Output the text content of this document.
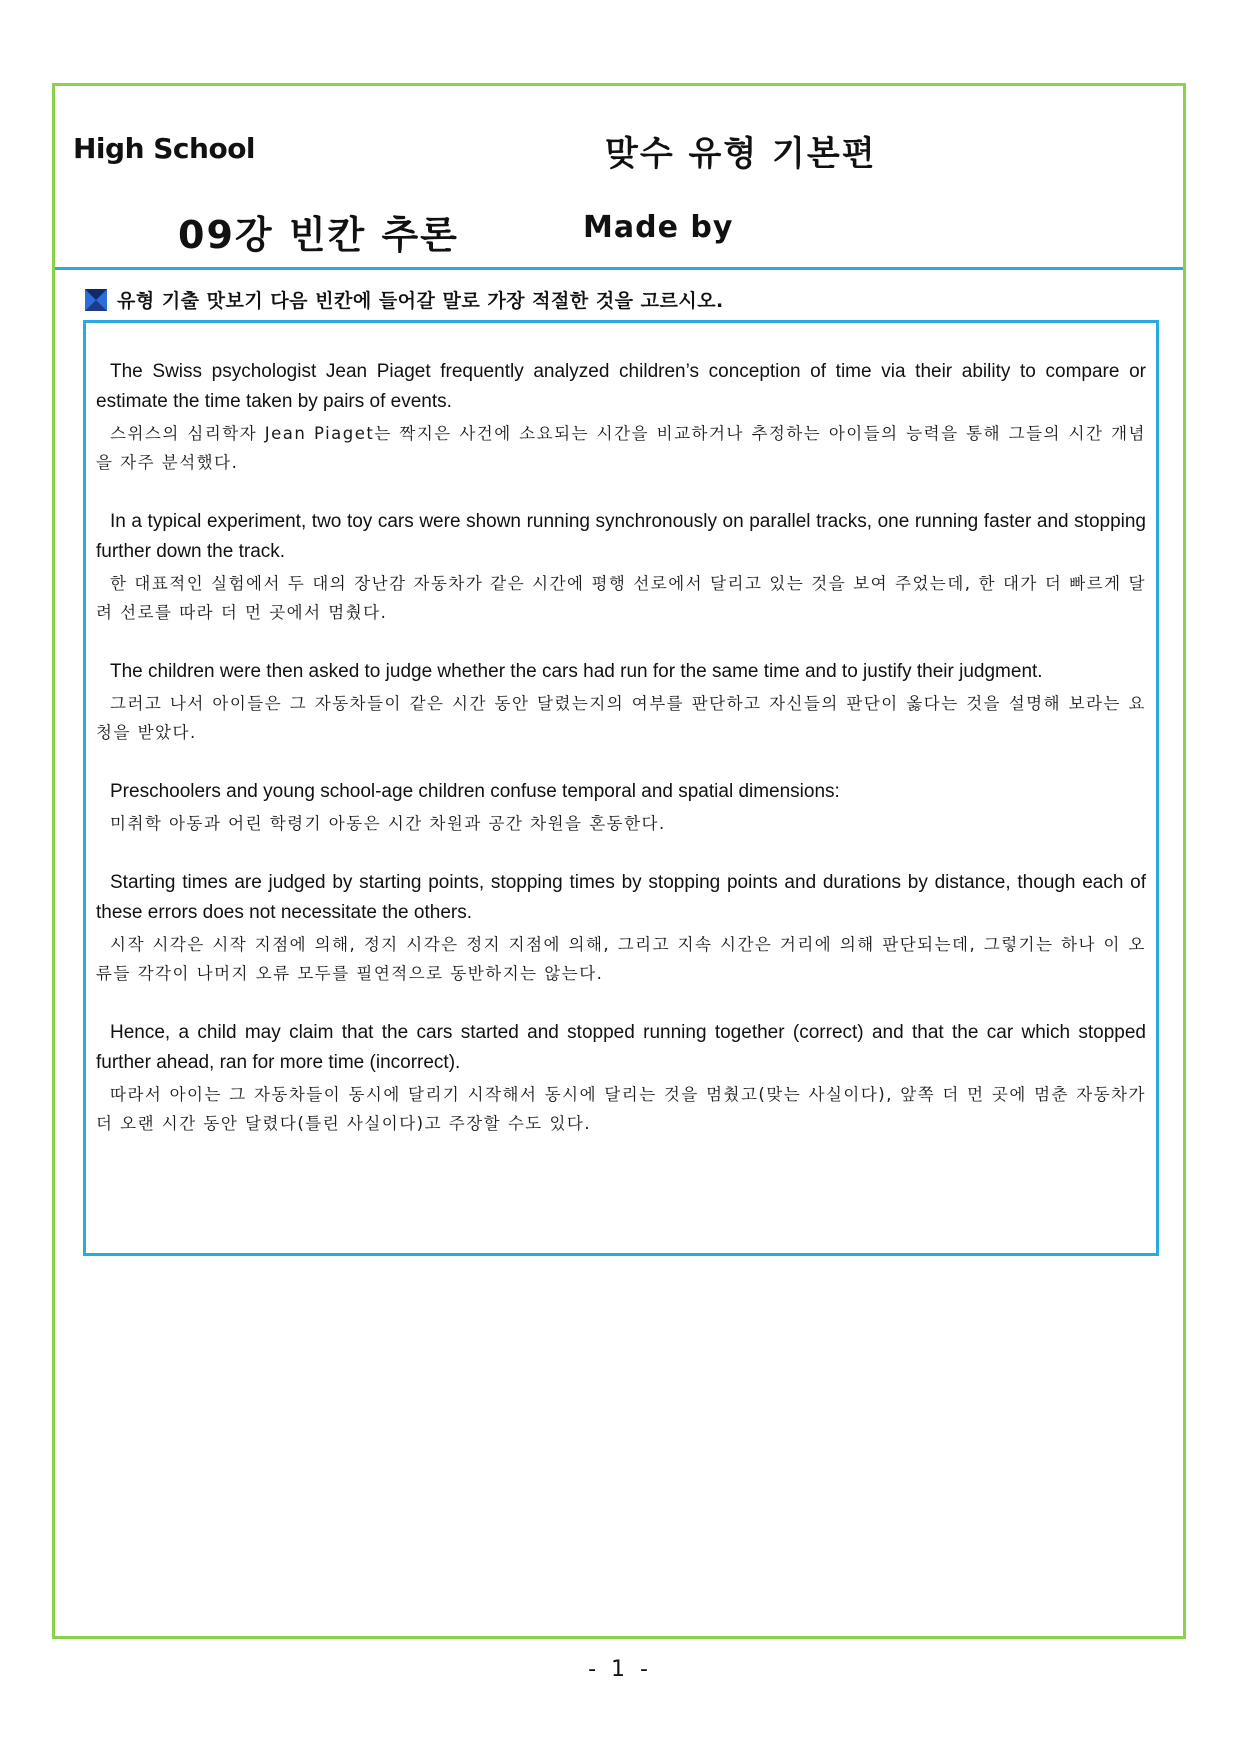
High School	맞수 유형 기본편
09강 빈칸 추론	Made by
유형 기출 맛보기 다음 빈칸에 들어갈 말로 가장 적절한 것을 고르시오.

The Swiss psychologist Jean Piaget frequently analyzed children’s conception of time via their ability to compare or estimate the time taken by pairs of events.

스위스의 심리학자 Jean Piaget는 짝지은 사건에 소요되는 시간을 비교하거나 추정하는 아이들의 능력을 통해 그들의 시간 개념을 자주 분석했다.

In a typical experiment, two toy cars were shown running synchronously on parallel tracks, one running faster and stopping further down the track.

한 대표적인 실험에서 두 대의 장난감 자동차가 같은 시간에 평행 선로에서 달리고 있는 것을 보여 주었는데, 한 대가 더 빠르게 달려 선로를 따라 더 먼 곳에서 멈췄다.

The children were then asked to judge whether the cars had run for the same time and to justify their judgment.

그러고 나서 아이들은 그 자동차들이 같은 시간 동안 달렸는지의 여부를 판단하고 자신들의 판단이 옳다는 것을 설명해 보라는 요청을 받았다.

Preschoolers and young school-age children confuse temporal and spatial dimensions:

미취학 아동과 어린 학령기 아동은 시간 차원과 공간 차원을 혼동한다.

Starting times are judged by starting points, stopping times by stopping points and durations by distance, though each of these errors does not necessitate the others.

시작 시각은 시작 지점에 의해, 정지 시각은 정지 지점에 의해, 그리고 지속 시간은 거리에 의해 판단되는데, 그렇기는 하나 이 오류들 각각이 나머지 오류 모두를 필연적으로 동반하지는 않는다.

Hence, a child may claim that the cars started and stopped running together (correct) and that the car which stopped further ahead, ran for more time (incorrect).

따라서 아이는 그 자동차들이 동시에 달리기 시작해서 동시에 달리는 것을 멈췄고(맞는 사실이다), 앞쪽 더 먼 곳에 멈춘 자동차가 더 오랜 시간 동안 달렸다(틀린 사실이다)고 주장할 수도 있다.

- 1 -
